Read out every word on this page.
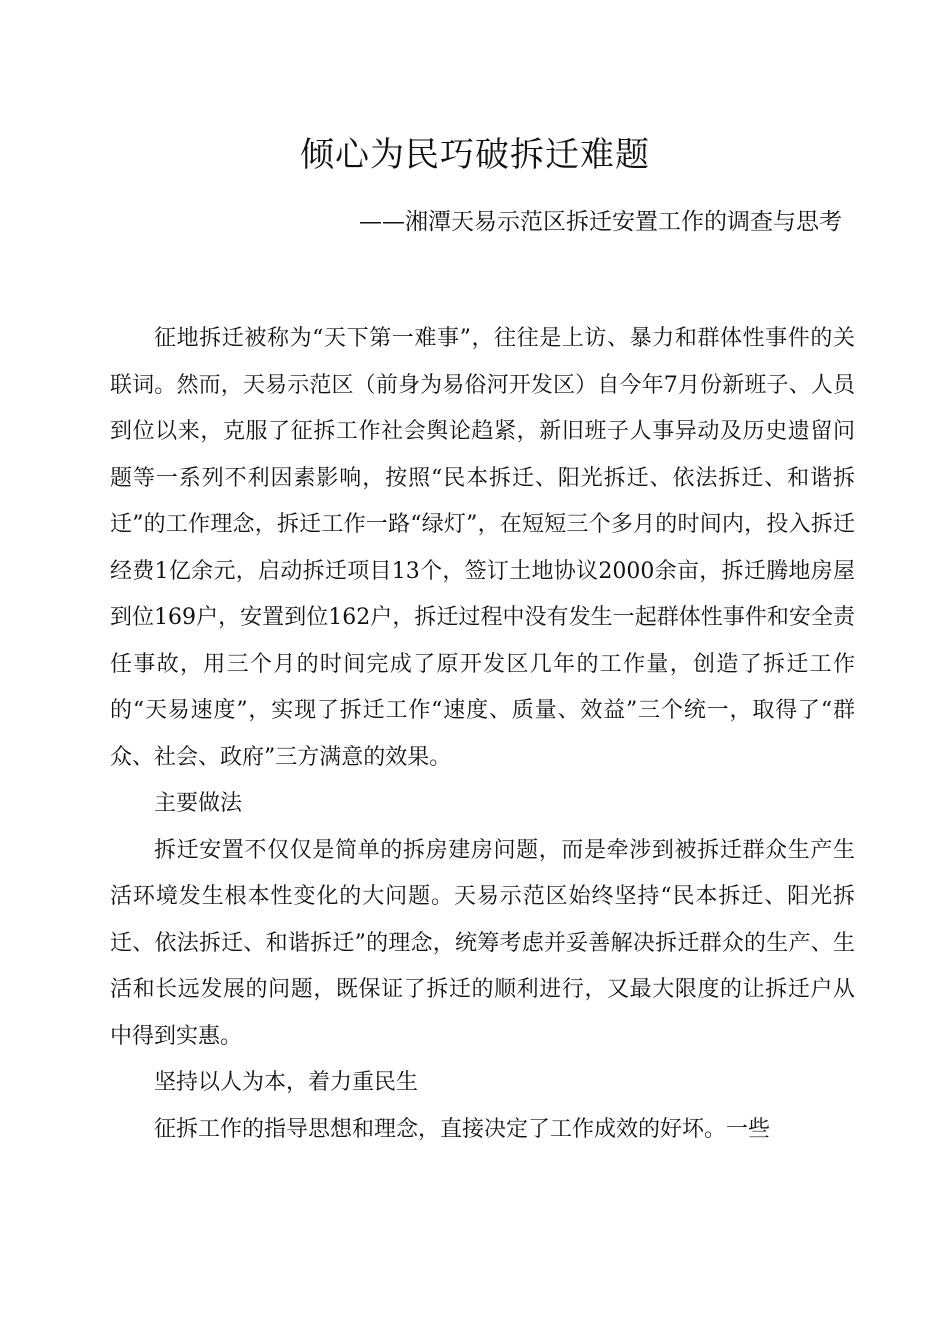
倾心为民巧破拆迁难题
——湘潭天易示范区拆迁安置工作的调查与思考

征地拆迁被称为“天下第一难事”，往往是上访、暴力和群体性事件的关联词。然而，天易示范区（前身为易俗河开发区）自今年7月份新班子、人员到位以来，克服了征拆工作社会舆论趋紧，新旧班子人事异动及历史遗留问题等一系列不利因素影响，按照“民本拆迁、阳光拆迁、依法拆迁、和谐拆迁”的工作理念，拆迁工作一路“绿灯”，在短短三个多月的时间内，投入拆迁经费1亿余元，启动拆迁项目13个，签订土地协议2000余亩，拆迁腾地房屋到位169户，安置到位162户，拆迁过程中没有发生一起群体性事件和安全责任事故，用三个月的时间完成了原开发区几年的工作量，创造了拆迁工作的“天易速度”，实现了拆迁工作“速度、质量、效益”三个统一，取得了“群众、社会、政府”三方满意的效果。

主要做法

拆迁安置不仅仅是简单的拆房建房问题，而是牵涉到被拆迁群众生产生活环境发生根本性变化的大问题。天易示范区始终坚持“民本拆迁、阳光拆迁、依法拆迁、和谐拆迁”的理念，统筹考虑并妥善解决拆迁群众的生产、生活和长远发展的问题，既保证了拆迁的顺利进行，又最大限度的让拆迁户从中得到实惠。

坚持以人为本，着力重民生

征拆工作的指导思想和理念，直接决定了工作成效的好坏。一些
